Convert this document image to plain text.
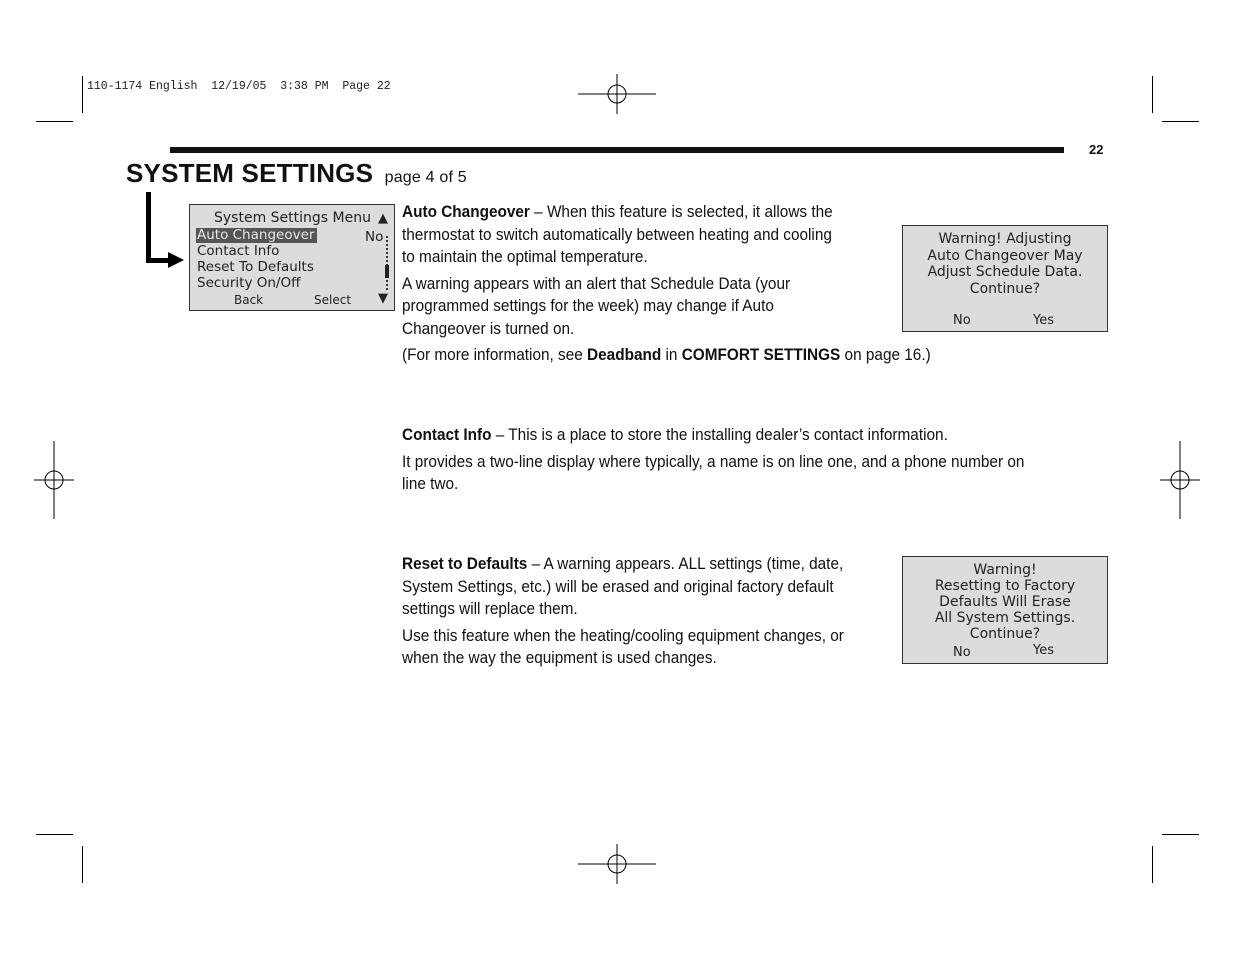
110-1174 English  12/19/05  3:38 PM  Page 22
22
SYSTEM SETTINGS page 4 of 5
System Settings Menu ▲
Auto Changeover	No
Contact Info
Reset To Defaults
Security On/Off
Back	Select ▼
Auto Changeover – When this feature is selected, it allows the
thermostat to switch automatically between heating and cooling
to maintain the optimal temperature.
A warning appears with an alert that Schedule Data (your
programmed settings for the week) may change if Auto
Changeover is turned on.
(For more information, see Deadband in COMFORT SETTINGS on page 16.)
Warning! Adjusting
Auto Changeover May
Adjust Schedule Data.
Continue?
No	Yes
Contact Info – This is a place to store the installing dealer’s contact information.
It provides a two-line display where typically, a name is on line one, and a phone number on
line two.
Reset to Defaults – A warning appears. ALL settings (time, date,
System Settings, etc.) will be erased and original factory default
settings will replace them.
Use this feature when the heating/cooling equipment changes, or
when the way the equipment is used changes.
Warning!
Resetting to Factory
Defaults Will Erase
All System Settings.
Continue?
No	Yes
